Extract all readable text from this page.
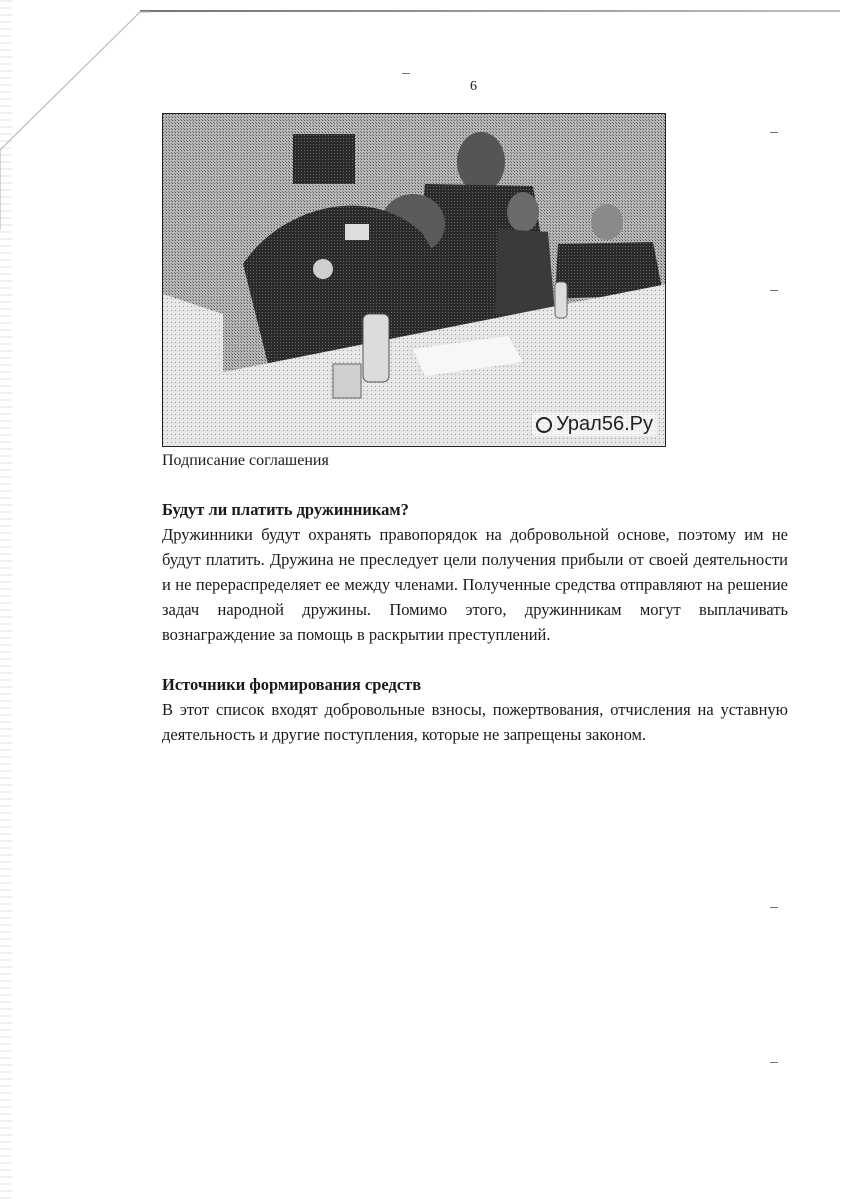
6
Урал56.Ру
Подписание соглашения
Будут ли платить дружинникам?
Дружинники будут охранять правопорядок на добровольной основе, поэтому им не будут платить. Дружина не преследует цели получения прибыли от своей деятельности и не перераспределяет ее между членами. Полученные средства отправляют на решение задач народной дружины. Помимо этого, дружинникам могут выплачивать вознаграждение за помощь в раскрытии преступлений.
Источники формирования средств
В этот список входят добровольные взносы, пожертвования, отчисления на уставную деятельность и другие поступления, которые не запрещены законом.
